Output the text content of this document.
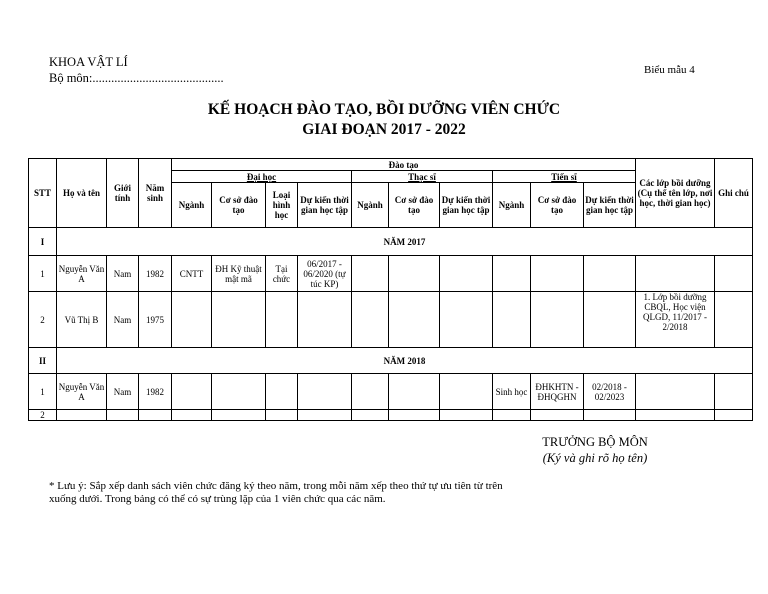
KHOA VẬT LÍ
Bộ môn:..........................................
Biểu mẫu 4
KẾ HOẠCH ĐÀO TẠO, BỒI DƯỠNG VIÊN CHỨC
GIAI ĐOẠN 2017 - 2022
STT	Họ và tên	Giới tính	Năm sinh	Đào tạo										Các lớp bồi dưỡng (Cụ thể tên lớp, nơi học, thời gian học)	Ghi chú
				Đại học				Thạc sĩ			Tiến sĩ				
				Ngành	Cơ sở đào tạo	Loại hình học	Dự kiến thời gian học tập	Ngành	Cơ sở đào tạo	Dự kiến thời gian học tập	Ngành	Cơ sở đào tạo	Dự kiến thời gian học tập		
I	NĂM 2017														
1	Nguyễn Văn A	Nam	1982	CNTT	ĐH Kỹ thuật mật mã	Tại chức	06/2017 - 06/2020 (tự túc KP)								
2	Vũ Thị B	Nam	1975											1. Lớp bồi dưỡng CBQL, Học viện QLGD, 11/2017 - 2/2018	
II	NĂM 2018														
1	Nguyễn Văn A	Nam	1982								Sinh học	ĐHKHTN - ĐHQGHN	02/2018 - 02/2023		
2															
TRƯỞNG BỘ MÔN
(Ký và ghi rõ họ tên)
* Lưu ý: Sắp xếp danh sách viên chức đăng ký theo năm, trong mỗi năm xếp theo thứ tự ưu tiên từ trên xuống dưới. Trong bảng có thể có sự trùng lặp của 1 viên chức qua các năm.
